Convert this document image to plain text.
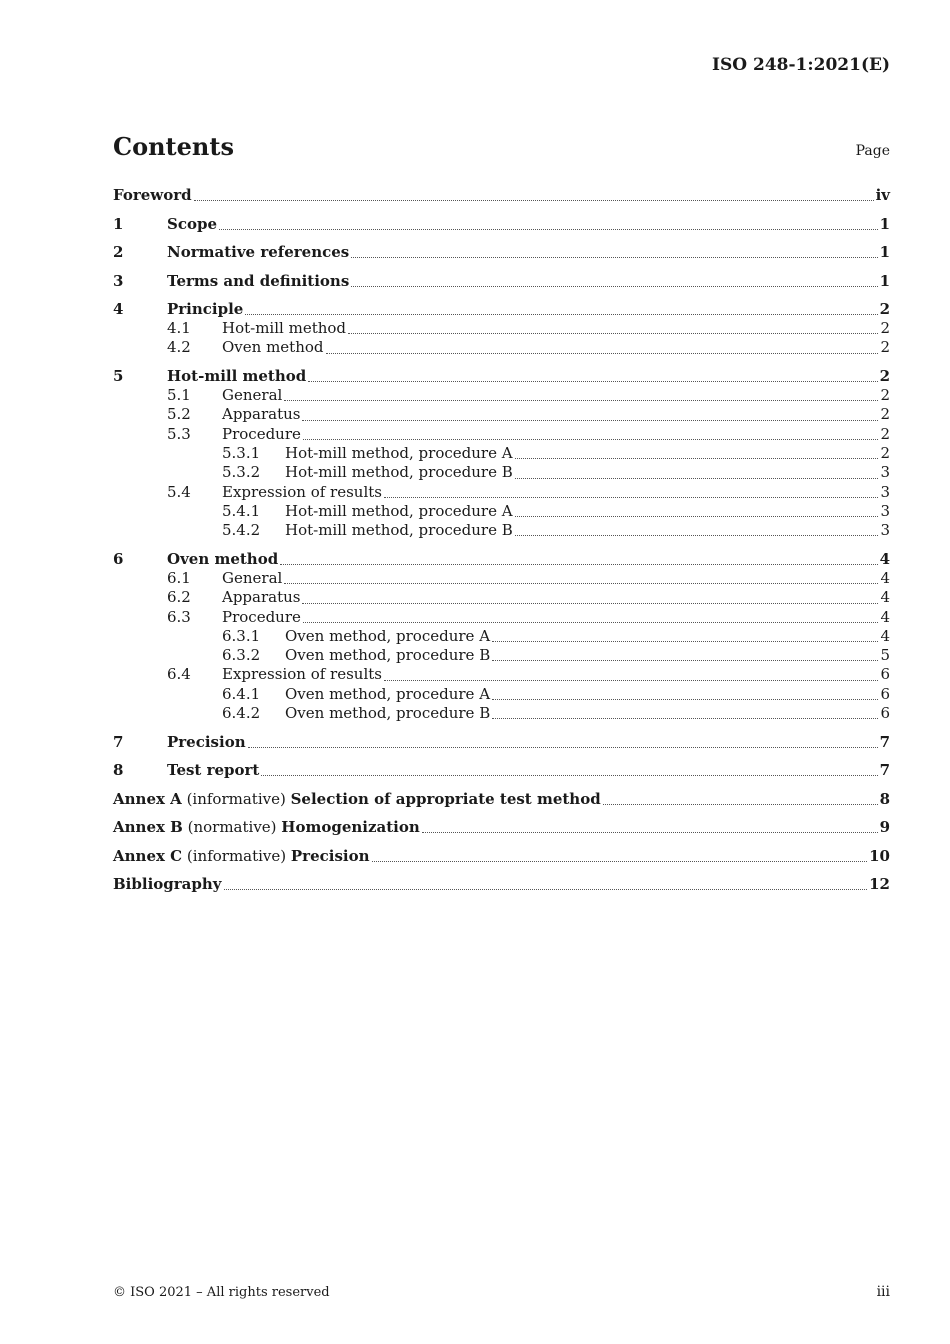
ISO 248-1:2021(E)
Contents	Page
Foreword	iv
1	Scope	1
2	Normative references	1
3	Terms and definitions	1
4	Principle	2
4.1	Hot-mill method	2
4.2	Oven method	2
5	Hot-mill method	2
5.1	General	2
5.2	Apparatus	2
5.3	Procedure	2
5.3.1	Hot-mill method, procedure A	2
5.3.2	Hot-mill method, procedure B	3
5.4	Expression of results	3
5.4.1	Hot-mill method, procedure A	3
5.4.2	Hot-mill method, procedure B	3
6	Oven method	4
6.1	General	4
6.2	Apparatus	4
6.3	Procedure	4
6.3.1	Oven method, procedure A	4
6.3.2	Oven method, procedure B	5
6.4	Expression of results	6
6.4.1	Oven method, procedure A	6
6.4.2	Oven method, procedure B	6
7	Precision	7
8	Test report	7
Annex A (informative) Selection of appropriate test method	8
Annex B (normative) Homogenization	9
Annex C (informative) Precision	10
Bibliography	12
© ISO 2021 – All rights reserved	iii
